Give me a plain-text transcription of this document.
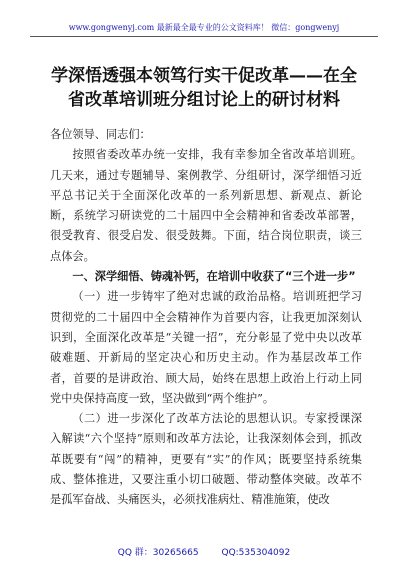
www.gongwenyj.com 最新最全最专业的公文资料库！ 微信：gongwenyj
学深悟透强本领笃行实干促改革——在全
省改革培训班分组讨论上的研讨材料

各位领导、同志们：

按照省委改革办统一安排，我有幸参加全省改革培训班。几天来，通过专题辅导、案例教学、分组研讨，深学细悟习近平总书记关于全面深化改革的一系列新思想、新观点、新论断，系统学习研读党的二十届四中全会精神和省委改革部署，很受教育、很受启发、很受鼓舞。下面，结合岗位职责，谈三点体会。

一、深学细悟、铸魂补钙，在培训中收获了“三个进一步”

（一）进一步铸牢了绝对忠诚的政治品格。培训班把学习贯彻党的二十届四中全会精神作为首要内容，让我更加深刻认识到，全面深化改革是“关键一招”，充分彰显了党中央以改革破难题、开新局的坚定决心和历史主动。作为基层改革工作者，首要的是讲政治、顾大局，始终在思想上政治上行动上同党中央保持高度一致，坚决做到“两个维护”。

（二）进一步深化了改革方法论的思想认识。专家授课深入解读“六个坚持”原则和改革方法论，让我深刻体会到，抓改革既要有“闯”的精神，更要有“实”的作风；既要坚持系统集成、整体推进，又要注重小切口破题、带动整体突破。改革不是孤军奋战、头痛医头，必须找准病灶、精准施策，使改

QQ 群：30265665	QQ:535304092
